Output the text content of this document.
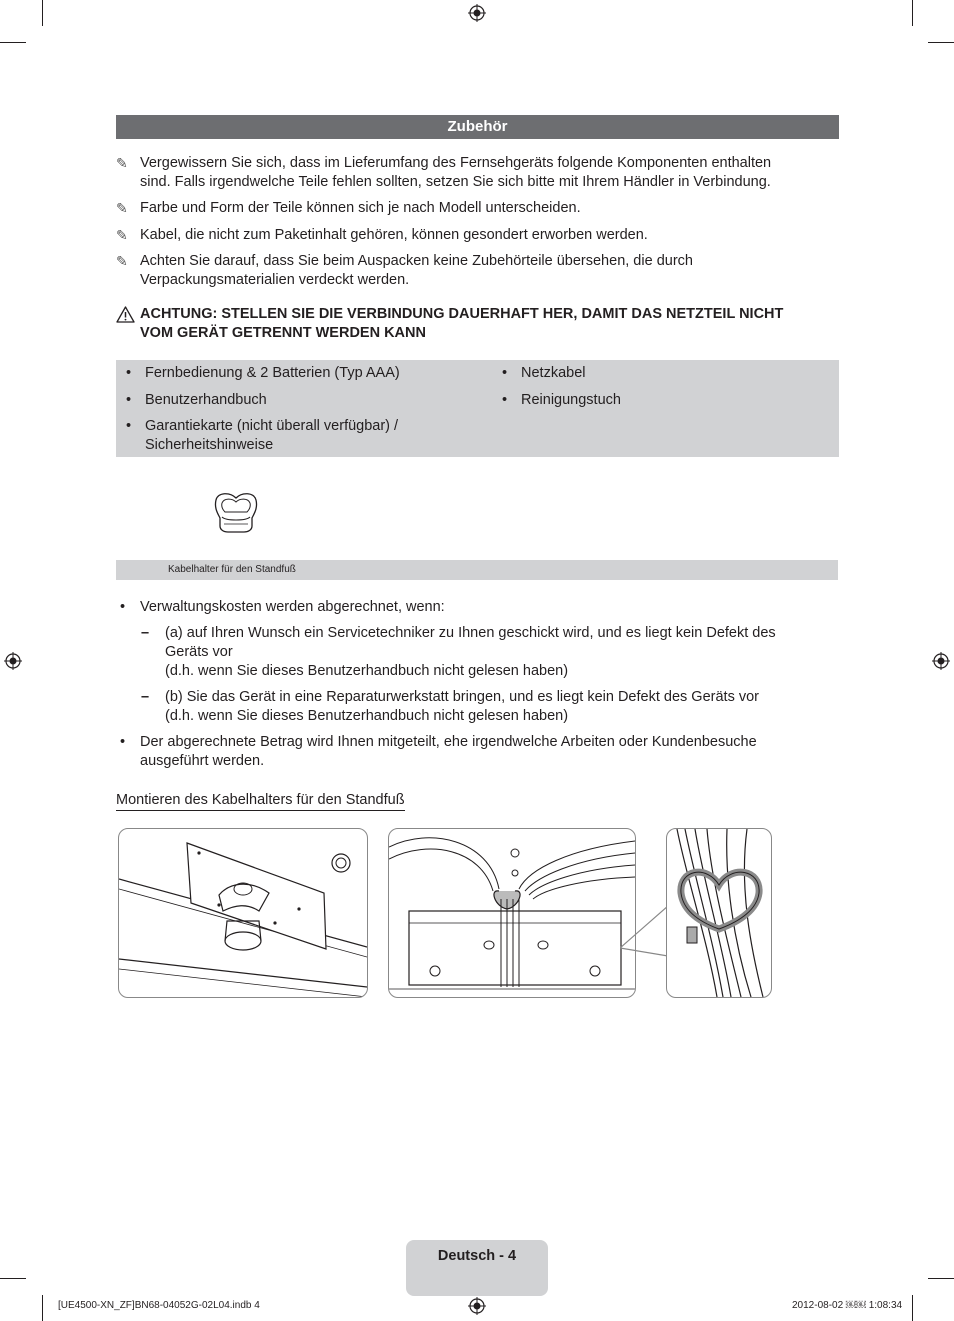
Zubehör
✎ Vergewissern Sie sich, dass im Lieferumfang des Fernsehgeräts folgende Komponenten enthalten
sind. Falls irgendwelche Teile fehlen sollten, setzen Sie sich bitte mit Ihrem Händler in Verbindung.
✎ Farbe und Form der Teile können sich je nach Modell unterscheiden.
✎ Kabel, die nicht zum Paketinhalt gehören, können gesondert erworben werden.
✎ Achten Sie darauf, dass Sie beim Auspacken keine Zubehörteile übersehen, die durch
Verpackungsmaterialien verdeckt werden.
ACHTUNG: STELLEN SIE DIE VERBINDUNG DAUERHAFT HER, DAMIT DAS NETZTEIL NICHT
VOM GERÄT GETRENNT WERDEN KANN
• Fernbedienung & 2 Batterien (Typ AAA)
• Benutzerhandbuch
• Garantiekarte (nicht überall verfügbar) /
Sicherheitshinweise
• Netzkabel
• Reinigungstuch
Kabelhalter für den Standfuß
• Verwaltungskosten werden abgerechnet, wenn:
– (a) auf Ihren Wunsch ein Servicetechniker zu Ihnen geschickt wird, und es liegt kein Defekt des
Geräts vor
(d.h. wenn Sie dieses Benutzerhandbuch nicht gelesen haben)
– (b) Sie das Gerät in eine Reparaturwerkstatt bringen, und es liegt kein Defekt des Geräts vor
(d.h. wenn Sie dieses Benutzerhandbuch nicht gelesen haben)
• Der abgerechnete Betrag wird Ihnen mitgeteilt, ehe irgendwelche Arbeiten oder Kundenbesuche
ausgeführt werden.
Montieren des Kabelhalters für den Standfuß
Deutsch - 4
[UE4500-XN_ZF]BN68-04052G-02L04.indb 4	2012-08-02 ￼￼ 1:08:34
